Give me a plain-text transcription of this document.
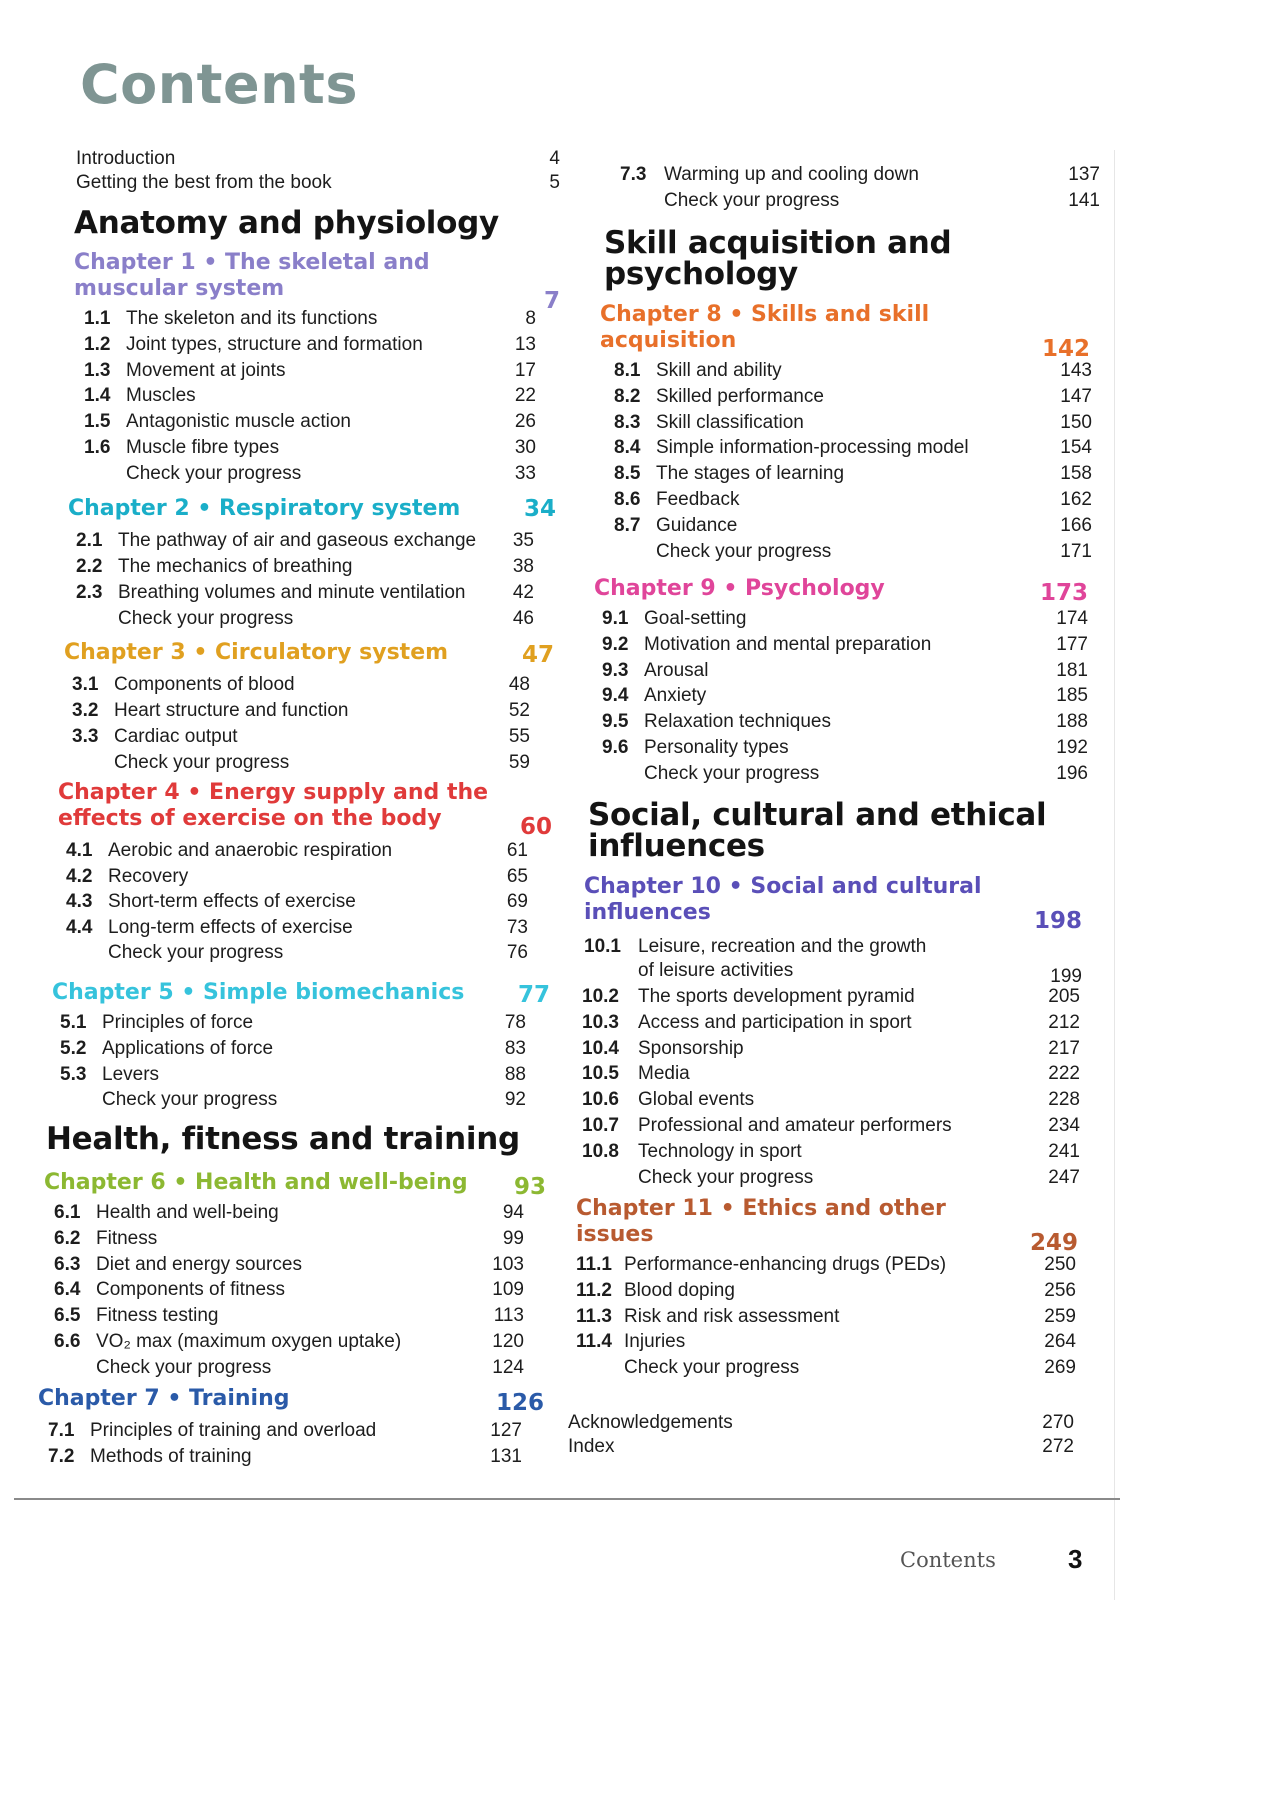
Contents
Introduction	4
Getting the best from the book	5
Anatomy and physiology
Chapter 1 • The skeletal and
muscular system	7
1.1 The skeleton and its functions	8
1.2 Joint types, structure and formation	13
1.3 Movement at joints	17
1.4 Muscles	22
1.5 Antagonistic muscle action	26
1.6 Muscle fibre types	30
Check your progress	33
Chapter 2 • Respiratory system	34
2.1 The pathway of air and gaseous exchange	35
2.2 The mechanics of breathing	38
2.3 Breathing volumes and minute ventilation	42
Check your progress	46
Chapter 3 • Circulatory system	47
3.1 Components of blood	48
3.2 Heart structure and function	52
3.3 Cardiac output	55
Check your progress	59
Chapter 4 • Energy supply and the
effects of exercise on the body	60
4.1 Aerobic and anaerobic respiration	61
4.2 Recovery	65
4.3 Short-term effects of exercise	69
4.4 Long-term effects of exercise	73
Check your progress	76
Chapter 5 • Simple biomechanics	77
5.1 Principles of force	78
5.2 Applications of force	83
5.3 Levers	88
Check your progress	92
Health, fitness and training
Chapter 6 • Health and well-being	93
6.1 Health and well-being	94
6.2 Fitness	99
6.3 Diet and energy sources	103
6.4 Components of fitness	109
6.5 Fitness testing	113
6.6 VO₂ max (maximum oxygen uptake)	120
Check your progress	124
Chapter 7 • Training	126
7.1 Principles of training and overload	127
7.2 Methods of training	131
7.3 Warming up and cooling down	137
Check your progress	141
Skill acquisition and
psychology
Chapter 8 • Skills and skill
acquisition	142
8.1 Skill and ability	143
8.2 Skilled performance	147
8.3 Skill classification	150
8.4 Simple information-processing model	154
8.5 The stages of learning	158
8.6 Feedback	162
8.7 Guidance	166
Check your progress	171
Chapter 9 • Psychology	173
9.1 Goal-setting	174
9.2 Motivation and mental preparation	177
9.3 Arousal	181
9.4 Anxiety	185
9.5 Relaxation techniques	188
9.6 Personality types	192
Check your progress	196
Social, cultural and ethical
influences
Chapter 10 • Social and cultural
influences	198
10.1 Leisure, recreation and the growth
of leisure activities	199
10.2 The sports development pyramid	205
10.3 Access and participation in sport	212
10.4 Sponsorship	217
10.5 Media	222
10.6 Global events	228
10.7 Professional and amateur performers	234
10.8 Technology in sport	241
Check your progress	247
Chapter 11 • Ethics and other
issues	249
11.1 Performance-enhancing drugs (PEDs)	250
11.2 Blood doping	256
11.3 Risk and risk assessment	259
11.4 Injuries	264
Check your progress	269
Acknowledgements	270
Index	272
Contents	3
